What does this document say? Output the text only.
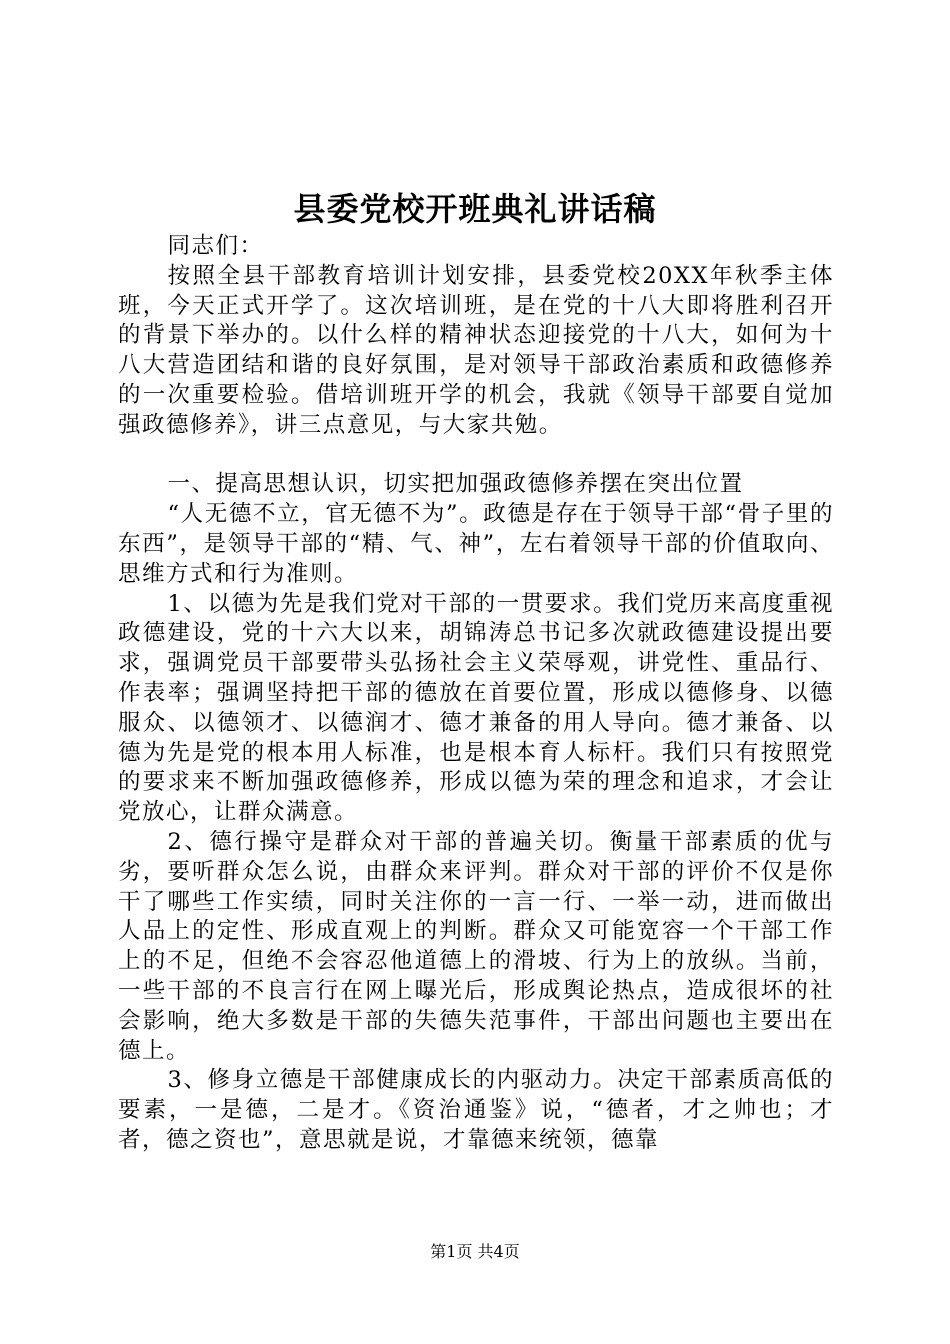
县委党校开班典礼讲话稿

同志们：

按照全县干部教育培训计划安排，县委党校20XX年秋季主体班，今天正式开学了。这次培训班，是在党的十八大即将胜利召开的背景下举办的。以什么样的精神状态迎接党的十八大，如何为十八大营造团结和谐的良好氛围，是对领导干部政治素质和政德修养的一次重要检验。借培训班开学的机会，我就《领导干部要自觉加强政德修养》，讲三点意见，与大家共勉。

一、提高思想认识，切实把加强政德修养摆在突出位置

“人无德不立，官无德不为”。政德是存在于领导干部“骨子里的东西”，是领导干部的“精、气、神”，左右着领导干部的价值取向、思维方式和行为准则。

1、以德为先是我们党对干部的一贯要求。我们党历来高度重视政德建设，党的十六大以来，胡锦涛总书记多次就政德建设提出要求，强调党员干部要带头弘扬社会主义荣辱观，讲党性、重品行、作表率；强调坚持把干部的德放在首要位置，形成以德修身、以德服众、以德领才、以德润才、德才兼备的用人导向。德才兼备、以德为先是党的根本用人标准，也是根本育人标杆。我们只有按照党的要求来不断加强政德修养，形成以德为荣的理念和追求，才会让党放心，让群众满意。

2、德行操守是群众对干部的普遍关切。衡量干部素质的优与劣，要听群众怎么说，由群众来评判。群众对干部的评价不仅是你干了哪些工作实绩，同时关注你的一言一行、一举一动，进而做出人品上的定性、形成直观上的判断。群众又可能宽容一个干部工作上的不足，但绝不会容忍他道德上的滑坡、行为上的放纵。当前，一些干部的不良言行在网上曝光后，形成舆论热点，造成很坏的社会影响，绝大多数是干部的失德失范事件，干部出问题也主要出在德上。

3、修身立德是干部健康成长的内驱动力。决定干部素质高低的要素，一是德，二是才。《资治通鉴》说，“德者，才之帅也；才者，德之资也”，意思就是说，才靠德来统领，德靠

第1页 共4页
